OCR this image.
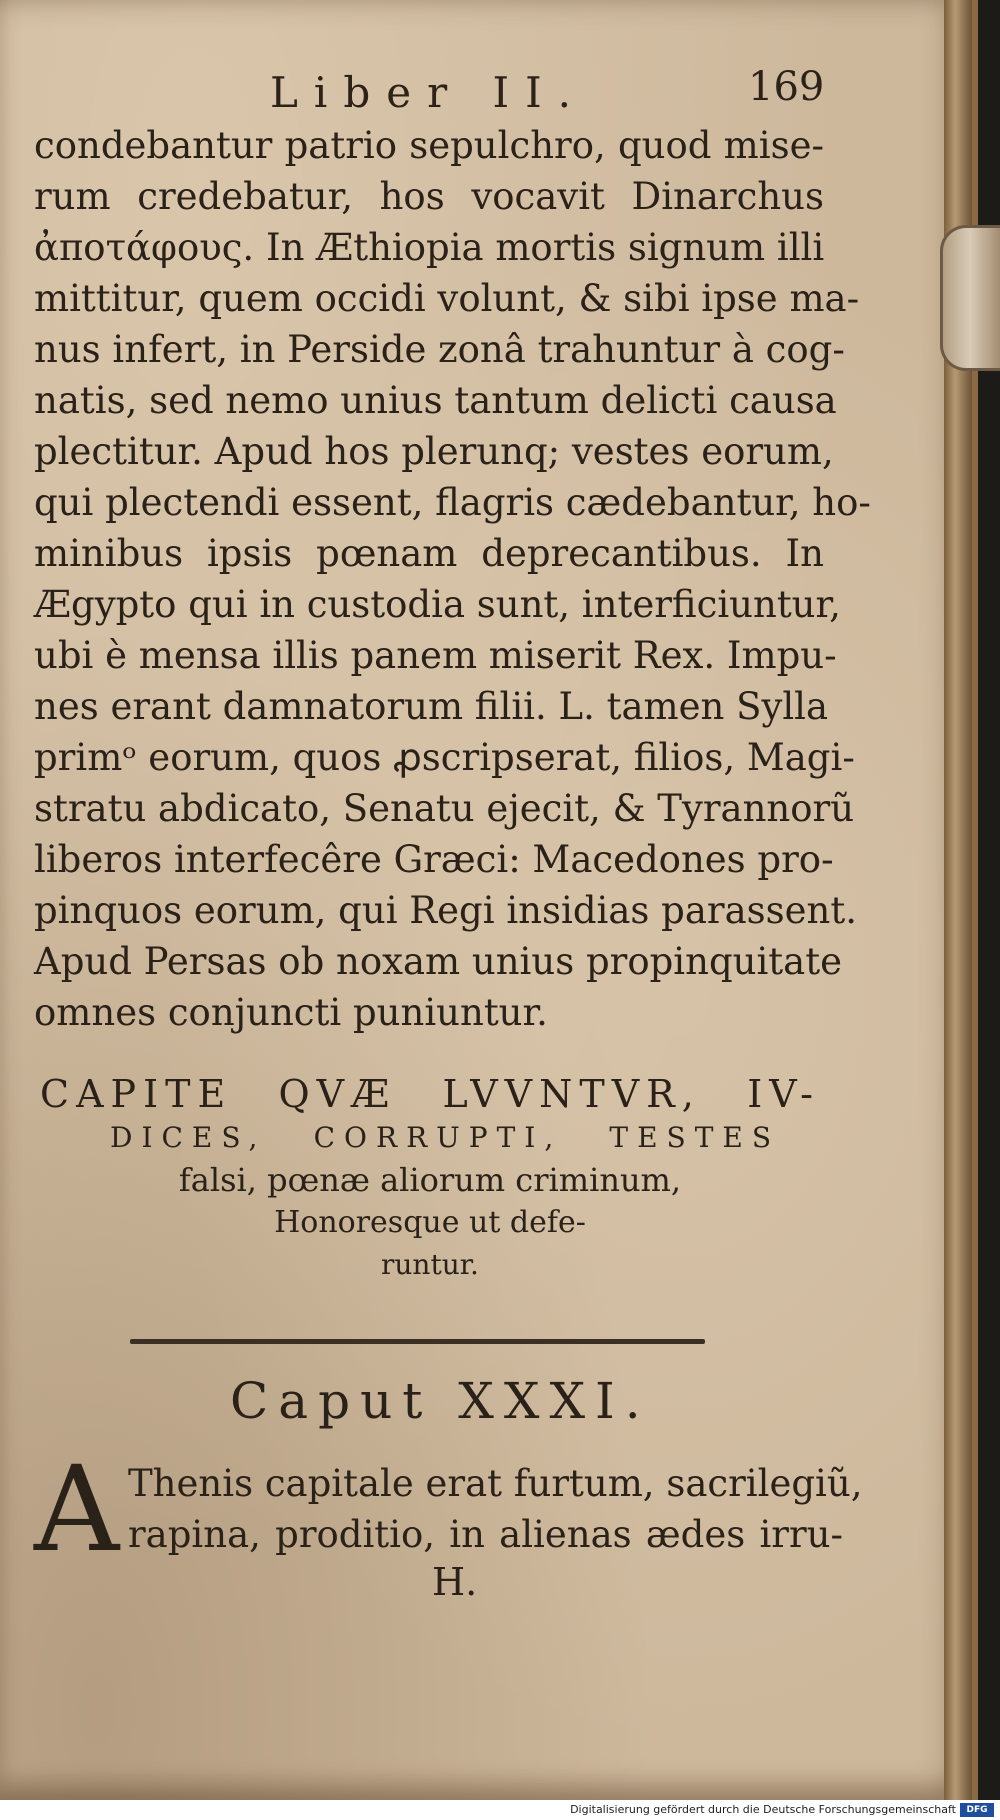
Liber II.	169
condebantur patrio sepulchro, quod mise-
rum credebatur, hos vocavit Dinarchus
ἀποτάφους. In Æthiopia mortis signum illi
mittitur, quem occidi volunt, & sibi ipse ma-
nus infert, in Perside zonâ trahuntur à cog-
natis, sed nemo unius tantum delicti causa
plectitur. Apud hos plerunq; vestes eorum,
qui plectendi essent, flagris cædebantur, ho-
minibus ipsis pœnam deprecantibus. In
Ægypto qui in custodia sunt, interficiuntur,
ubi è mensa illis panem miserit Rex. Impu-
nes erant damnatorum filii. L. tamen Sylla
primᵒ eorum, quos ꝓscripserat, filios, Magi-
stratu abdicato, Senatu ejecit, & Tyrannorũ
liberos interfecêre Græci: Macedones pro-
pinquos eorum, qui Regi insidias parassent.
Apud Persas ob noxam unius propinquitate
omnes conjuncti puniuntur.
CAPITE QVÆ LVVNTVR, IV-
DICES, CORRUPTI, TESTES
falsi, pœnæ aliorum criminum,
Honoresque ut defe-
runtur.
Caput XXXI.
A Thenis capitale erat furtum, sacrilegiũ,
rapina, proditio, in alienas ædes irru-
H.
Digitalisierung gefördert durch die Deutsche Forschungsgemeinschaft	DFG
